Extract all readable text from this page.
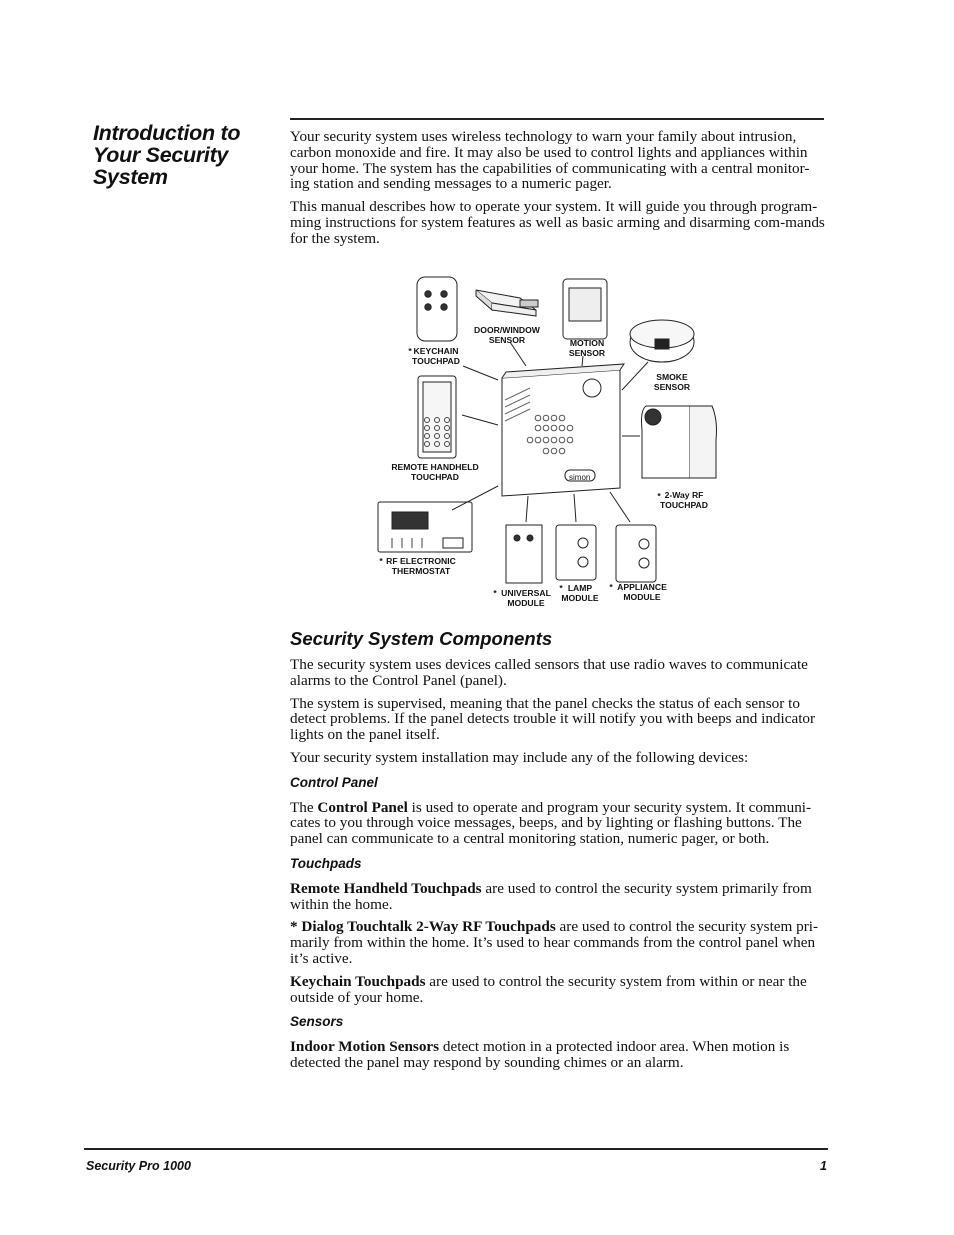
Introduction to
Your Security
System

Your security system uses wireless technology to warn your family about intrusion, carbon monoxide and fire. It may also be used to control lights and appliances within your home. The system has the capabilities of communicating with a central monitor-ing station and sending messages to a numeric pager.

This manual describes how to operate your system. It will guide you through program-ming instructions for system features as well as basic arming and disarming com-mands for the system.

simon
* KEYCHAIN
TOUCHPAD
DOOR/WINDOW
SENSOR	MOTION
SENSOR
SMOKE
SENSOR
REMOTE HANDHELD
TOUCHPAD
* 2-Way RF
TOUCHPAD
* RF ELECTRONIC
THERMOSTAT
* UNIVERSAL
MODULE
* LAMP
MODULE
* APPLIANCE
MODULE
Security System Components

The security system uses devices called sensors that use radio waves to communicate alarms to the Control Panel (panel).

The system is supervised, meaning that the panel checks the status of each sensor to detect problems. If the panel detects trouble it will notify you with beeps and indicator lights on the panel itself.

Your security system installation may include any of the following devices:

Control Panel

The Control Panel is used to operate and program your security system. It communi-cates to you through voice messages, beeps, and by lighting or flashing buttons. The panel can communicate to a central monitoring station, numeric pager, or both.

Touchpads

Remote Handheld Touchpads are used to control the security system primarily from within the home.

* Dialog Touchtalk 2-Way RF Touchpads are used to control the security system pri-marily from within the home. It’s used to hear commands from the control panel when it’s active.

Keychain Touchpads are used to control the security system from within or near the outside of your home.

Sensors

Indoor Motion Sensors detect motion in a protected indoor area. When motion is detected the panel may respond by sounding chimes or an alarm.

Security Pro 1000	1
